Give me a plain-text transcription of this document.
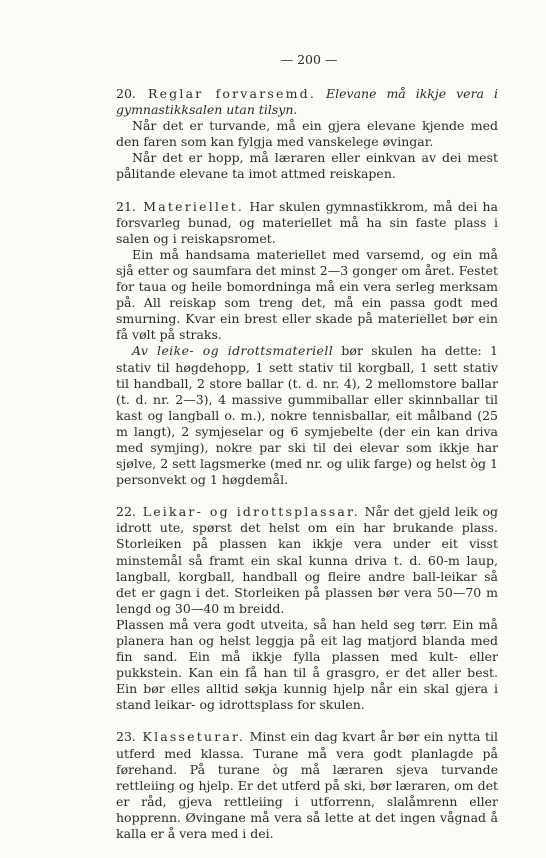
— 200 —

20. Reglar forvarsemd. Elevane må ikkje vera i gymnastikksalen utan tilsyn.

Når det er turvande, må ein gjera elevane kjende med den faren som kan fylgja med vanskelege øvingar.

Når det er hopp, må læraren eller einkvan av dei mest pålitande elevane ta imot attmed reiskapen.

21. Materiellet. Har skulen gymnastikkrom, må dei ha forsvarleg bunad, og materiellet må ha sin faste plass i salen og i reiskapsromet.

Ein må handsama materiellet med varsemd, og ein må sjå etter og saumfara det minst 2—3 gonger om året. Festet for taua og heile bomordninga må ein vera serleg merksam på. All reiskap som treng det, må ein passa godt med smurning. Kvar ein brest eller skade på materiellet bør ein få vølt på straks.

Av leike- og idrottsmateriell bør skulen ha dette: 1 stativ til høgdehopp, 1 sett stativ til korgball, 1 sett stativ til handball, 2 store ballar (t. d. nr. 4), 2 mellomstore ballar (t. d. nr. 2—3), 4 massive gummiballar eller skinnballar til kast og langball o. m.), nokre tennisballar, eit målband (25 m langt), 2 symjeselar og 6 symjebelte (der ein kan driva med symjing), nokre par ski til dei elevar som ikkje har sjølve, 2 sett lagsmerke (med nr. og ulik farge) og helst òg 1 personvekt og 1 høgdemål.

22. Leikar- og idrottsplassar. Når det gjeld leik og idrott ute, spørst det helst om ein har brukande plass. Storleiken på plassen kan ikkje vera under eit visst minstemål så framt ein skal kunna driva t. d. 60-m laup, langball, korgball, handball og fleire andre ball-leikar så det er gagn i det. Storleiken på plassen bør vera 50—70 m lengd og 30—40 m breidd.

Plassen må vera godt utveita, så han held seg tørr. Ein må planera han og helst leggja på eit lag matjord blanda med fin sand. Ein må ikkje fylla plassen med kult- eller pukkstein. Kan ein få han til å grasgro, er det aller best. Ein bør elles alltid søkja kunnig hjelp når ein skal gjera i stand leikar- og idrottsplass for skulen.

23. Klasseturar. Minst ein dag kvart år bør ein nytta til utferd med klassa. Turane må vera godt planlagde på førehand. På turane òg må læraren sjeva turvande rettleiing og hjelp. Er det utferd på ski, bør læraren, om det er råd, gjeva rettleiing i utforrenn, slalåmrenn eller hopprenn. Øvingane må vera så lette at det ingen vågnad å kalla er å vera med i dei.
